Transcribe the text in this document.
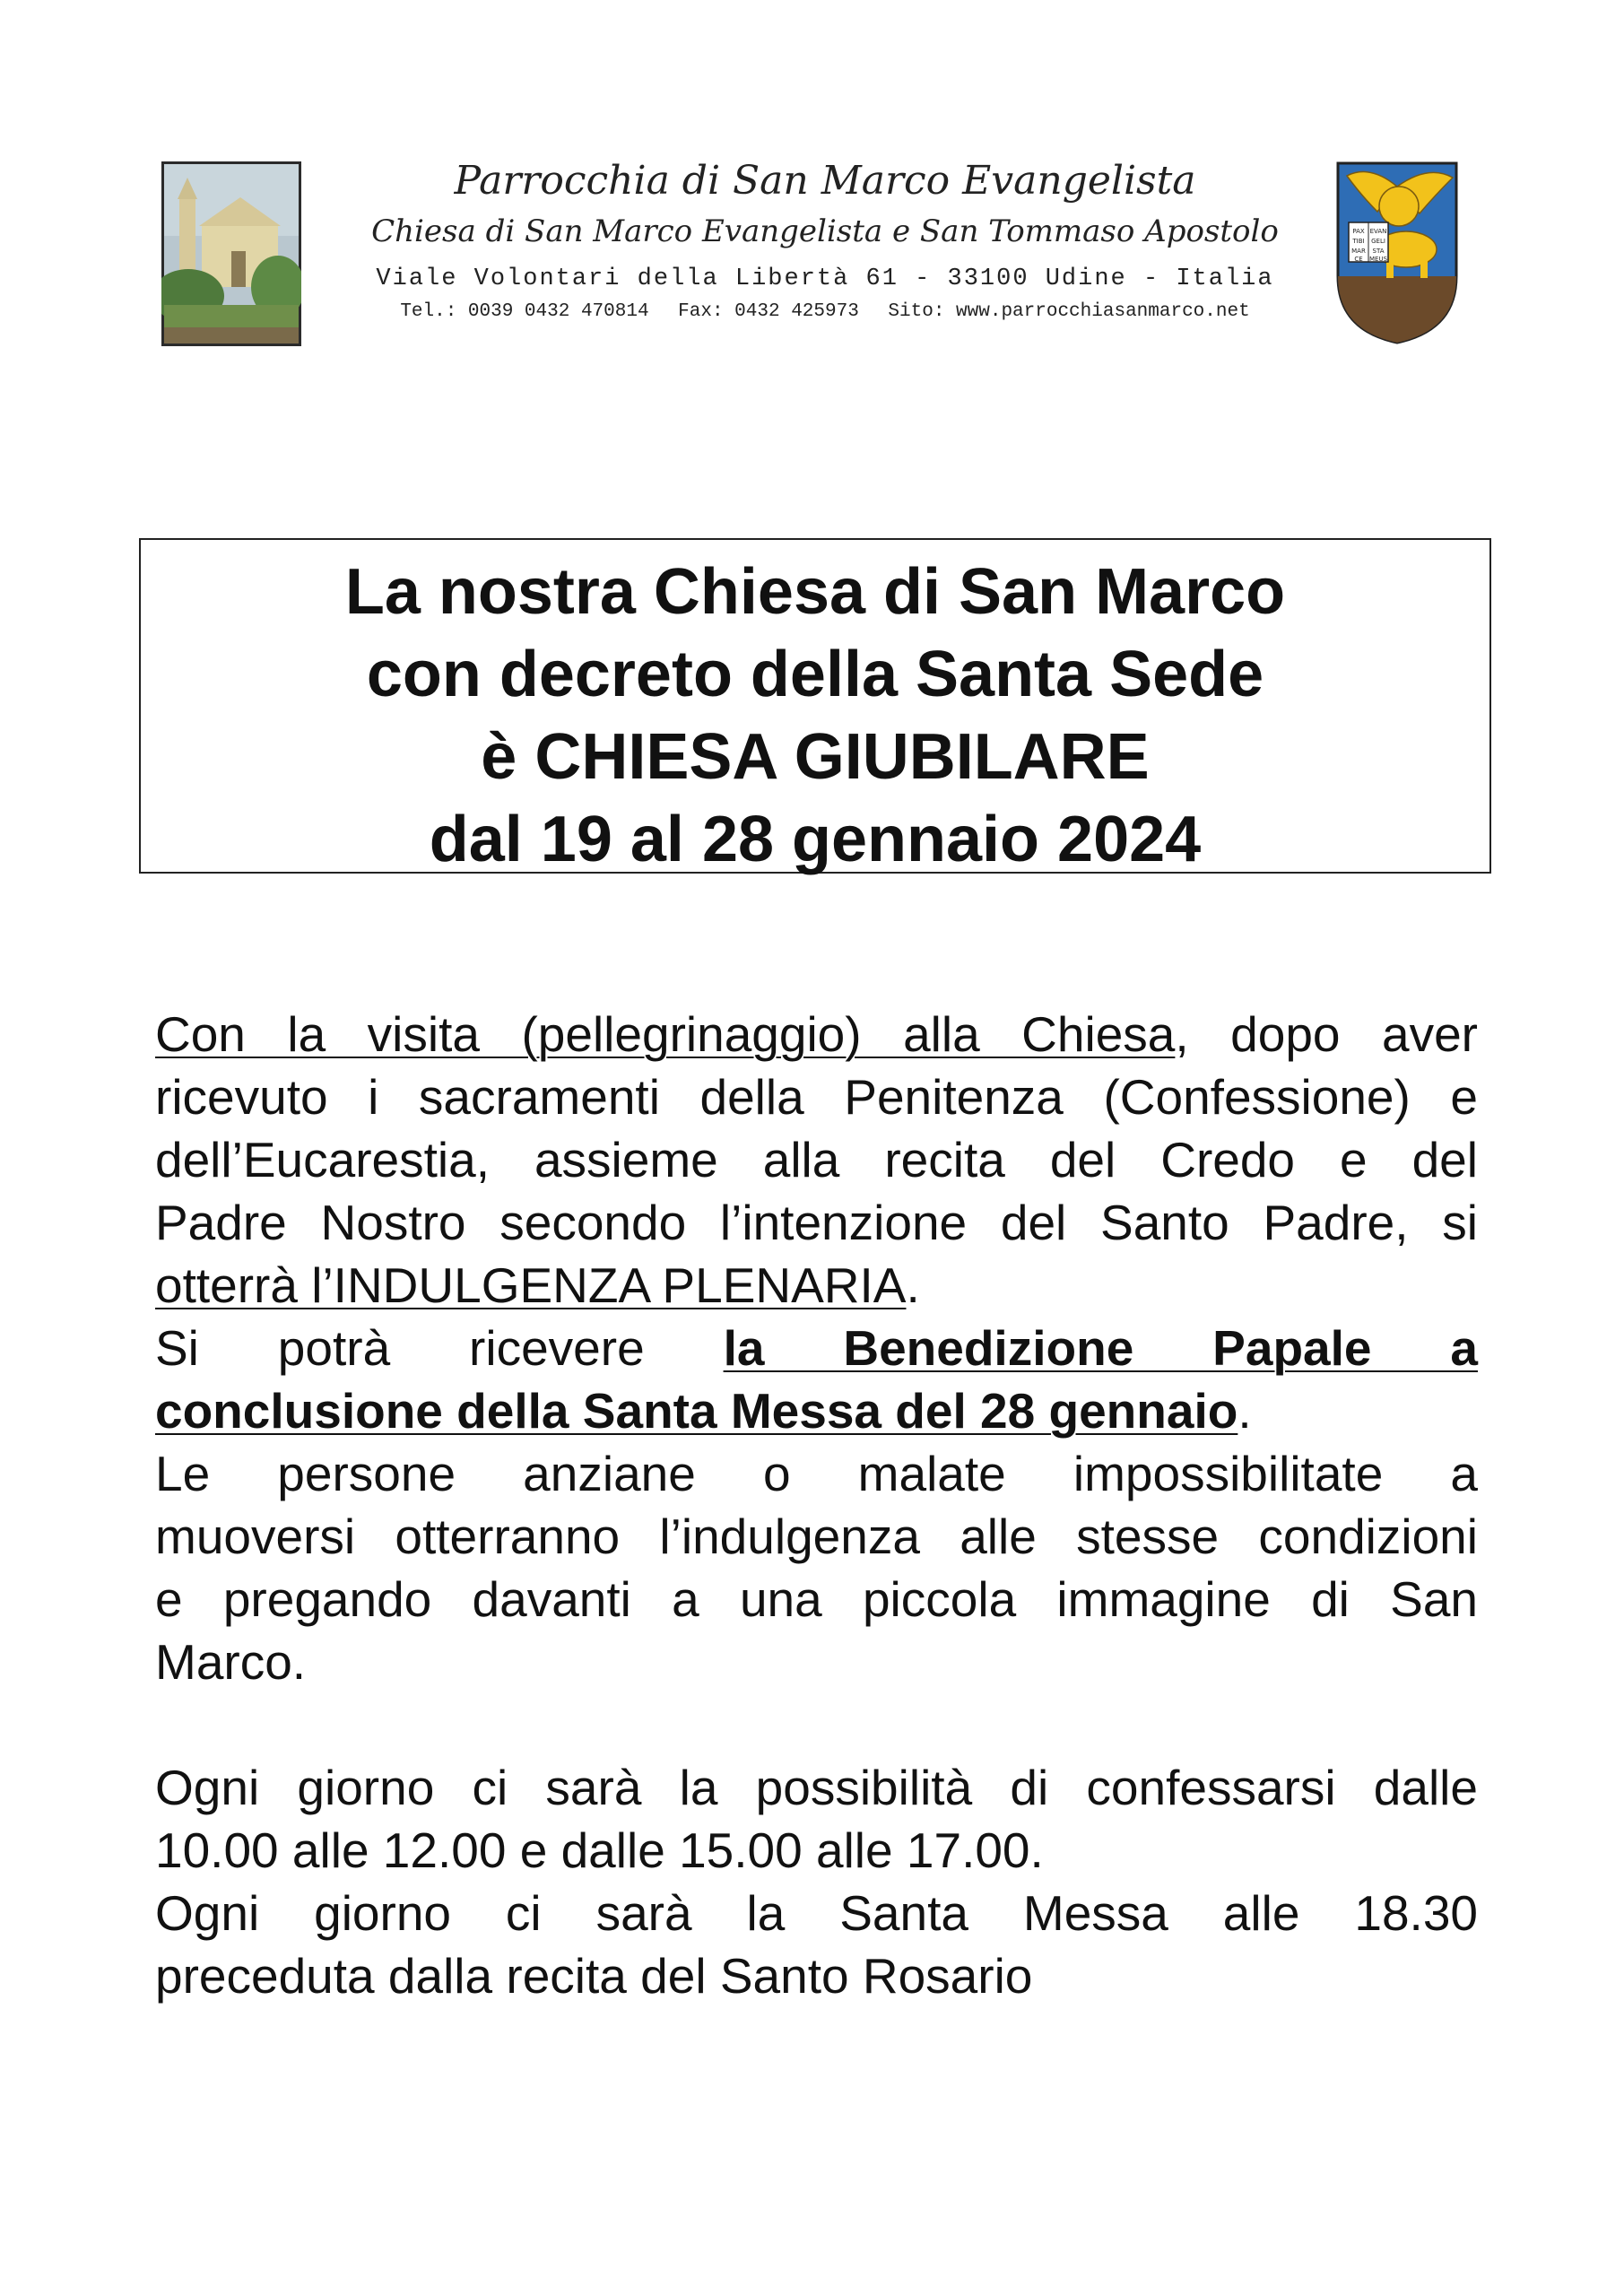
Parrocchia di San Marco Evangelista
Chiesa di San Marco Evangelista e San Tommaso Apostolo
Viale Volontari della Libertà 61 - 33100 Udine - Italia
Tel.: 0039 0432 470814 Fax: 0432 425973 Sito: www.parrocchiasanmarco.net
PAX
TIBI
MAR
CE
EVAN
GELI
STA
MEUS
La nostra Chiesa di San Marco
con decreto della Santa Sede
è CHIESA GIUBILARE
dal 19 al 28 gennaio 2024
Con la visita (pellegrinaggio) alla Chiesa, dopo aver
ricevuto i sacramenti della Penitenza (Confessione) e
dell’Eucarestia, assieme alla recita del Credo e del
Padre Nostro secondo l’intenzione del Santo Padre, si
otterrà l’INDULGENZA PLENARIA.
Si potrà ricevere la Benedizione Papale a
conclusione della Santa Messa del 28 gennaio.
Le persone anziane o malate impossibilitate a
muoversi otterranno l’indulgenza alle stesse condizioni
e pregando davanti a una piccola immagine di San
Marco.
Ogni giorno ci sarà la possibilità di confessarsi dalle
10.00 alle 12.00 e dalle 15.00 alle 17.00.
Ogni giorno ci sarà la Santa Messa alle 18.30
preceduta dalla recita del Santo Rosario
